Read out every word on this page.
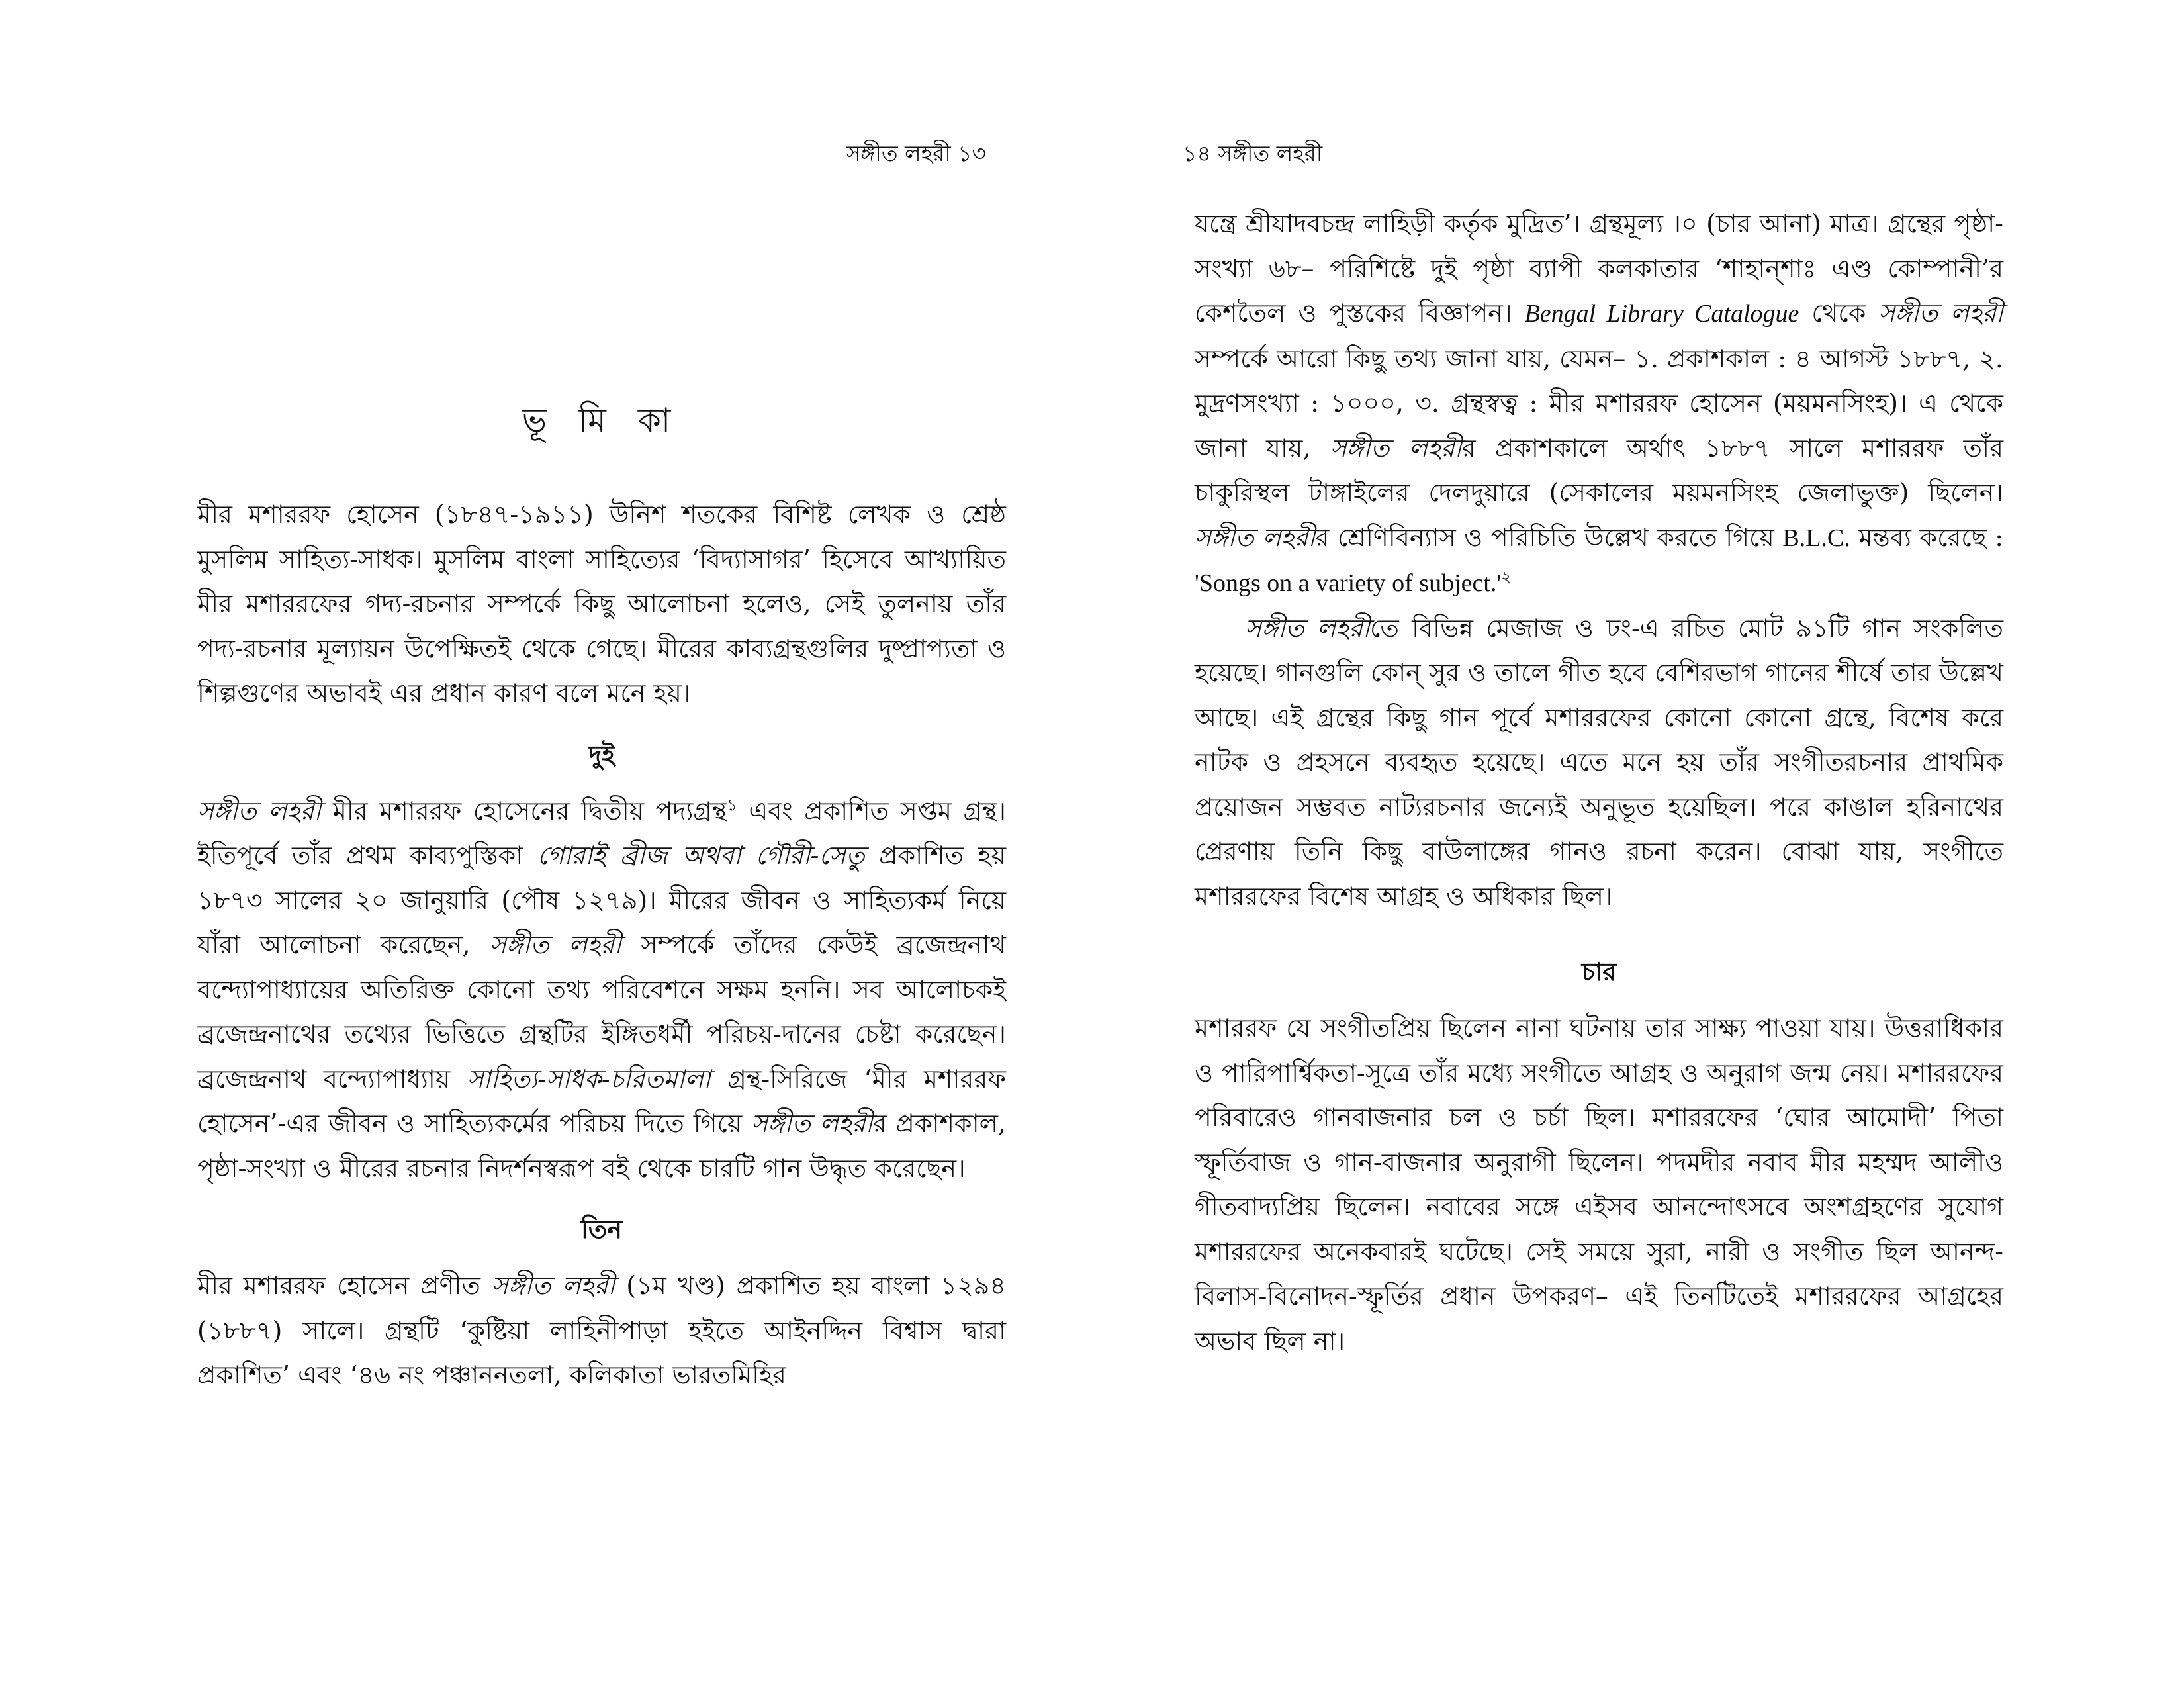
সঙ্গীত লহরী ১৩
ভূ মি কা

মীর মশাররফ হোসেন (১৮৪৭-১৯১১) উনিশ শতকের বিশিষ্ট লেখক ও শ্রেষ্ঠ মুসলিম সাহিত্য-সাধক। মুসলিম বাংলা সাহিত্যের ‘বিদ্যাসাগর’ হিসেবে আখ্যায়িত মীর মশাররফের গদ্য-রচনার সম্পর্কে কিছু আলোচনা হলেও, সেই তুলনায় তাঁর পদ্য-রচনার মূল্যায়ন উপেক্ষিতই থেকে গেছে। মীরের কাব্যগ্রন্থগুলির দুষ্প্রাপ্যতা ও শিল্পগুণের অভাবই এর প্রধান কারণ বলে মনে হয়।

দুই

সঙ্গীত লহরী মীর মশাররফ হোসেনের দ্বিতীয় পদ্যগ্রন্থ$^১$ এবং প্রকাশিত সপ্তম গ্রন্থ। ইতিপূর্বে তাঁর প্রথম কাব্যপুস্তিকা গোরাই ব্রীজ অথবা গৌরী-সেতু প্রকাশিত হয় ১৮৭৩ সালের ২০ জানুয়ারি (পৌষ ১২৭৯)। মীরের জীবন ও সাহিত্যকর্ম নিয়ে যাঁরা আলোচনা করেছেন, সঙ্গীত লহরী সম্পর্কে তাঁদের কেউই ব্রজেন্দ্রনাথ বন্দ্যোপাধ্যায়ের অতিরিক্ত কোনো তথ্য পরিবেশনে সক্ষম হননি। সব আলোচকই ব্রজেন্দ্রনাথের তথ্যের ভিত্তিতে গ্রন্থটির ইঙ্গিতধর্মী পরিচয়-দানের চেষ্টা করেছেন। ব্রজেন্দ্রনাথ বন্দ্যোপাধ্যায় সাহিত্য-সাধক-চরিতমালা গ্রন্থ-সিরিজে ‘মীর মশাররফ হোসেন’-এর জীবন ও সাহিত্যকর্মের পরিচয় দিতে গিয়ে সঙ্গীত লহরীর প্রকাশকাল, পৃষ্ঠা-সংখ্যা ও মীরের রচনার নিদর্শনস্বরূপ বই থেকে চারটি গান উদ্ধৃত করেছেন।

তিন

মীর মশাররফ হোসেন প্রণীত সঙ্গীত লহরী (১ম খণ্ড) প্রকাশিত হয় বাংলা ১২৯৪ (১৮৮৭) সালে। গ্রন্থটি ‘কুষ্টিয়া লাহিনীপাড়া হইতে আইনদ্দিন বিশ্বাস দ্বারা প্রকাশিত’ এবং ‘৪৬ নং পঞ্চাননতলা, কলিকাতা ভারতমিহির

১৪ সঙ্গীত লহরী

যন্ত্রে শ্রীযাদবচন্দ্র লাহিড়ী কর্তৃক মুদ্রিত’। গ্রন্থমূল্য ।০ (চার আনা) মাত্র। গ্রন্থের পৃষ্ঠা-সংখ্যা ৬৮– পরিশিষ্টে দুই পৃষ্ঠা ব্যাপী কলকাতার ‘শাহান্‌শাঃ এণ্ড কোম্পানী’র কেশতৈল ও পুস্তকের বিজ্ঞাপন। Bengal Library Catalogue থেকে সঙ্গীত লহরী সম্পর্কে আরো কিছু তথ্য জানা যায়, যেমন– ১. প্রকাশকাল : ৪ আগস্ট ১৮৮৭, ২. মুদ্রণসংখ্যা : ১০০০, ৩. গ্রন্থস্বত্ব : মীর মশাররফ হোসেন (ময়মনসিংহ)। এ থেকে জানা যায়, সঙ্গীত লহরীর প্রকাশকালে অর্থাৎ ১৮৮৭ সালে মশাররফ তাঁর চাকুরিস্থল টাঙ্গাইলের দেলদুয়ারে (সেকালের ময়মনসিংহ জেলাভুক্ত) ছিলেন। সঙ্গীত লহরীর শ্রেণিবিন্যাস ও পরিচিতি উল্লেখ করতে গিয়ে B.L.C. মন্তব্য করেছে : 'Songs on a variety of $subject.'^২$

সঙ্গীত লহরীতে বিভিন্ন মেজাজ ও ঢং-এ রচিত মোট ৯১টি গান সংকলিত হয়েছে। গানগুলি কোন্ সুর ও তালে গীত হবে বেশিরভাগ গানের শীর্ষে তার উল্লেখ আছে। এই গ্রন্থের কিছু গান পূর্বে মশাররফের কোনো কোনো গ্রন্থে, বিশেষ করে নাটক ও প্রহসনে ব্যবহৃত হয়েছে। এতে মনে হয় তাঁর সংগীতরচনার প্রাথমিক প্রয়োজন সম্ভবত নাট্যরচনার জন্যেই অনুভূত হয়েছিল। পরে কাঙাল হরিনাথের প্রেরণায় তিনি কিছু বাউলাঙ্গের গানও রচনা করেন। বোঝা যায়, সংগীতে মশাররফের বিশেষ আগ্রহ ও অধিকার ছিল।

চার

মশাররফ যে সংগীতপ্রিয় ছিলেন নানা ঘটনায় তার সাক্ষ্য পাওয়া যায়। উত্তরাধিকার ও পারিপার্শ্বিকতা-সূত্রে তাঁর মধ্যে সংগীতে আগ্রহ ও অনুরাগ জন্ম নেয়। মশাররফের পরিবারেও গানবাজনার চল ও চর্চা ছিল। মশাররফের ‘ঘোর আমোদী’ পিতা স্ফূর্তিবাজ ও গান-বাজনার অনুরাগী ছিলেন। পদমদীর নবাব মীর মহম্মদ আলীও গীতবাদ্যপ্রিয় ছিলেন। নবাবের সঙ্গে এইসব আনন্দোৎসবে অংশগ্রহণের সুযোগ মশাররফের অনেকবারই ঘটেছে। সেই সময়ে সুরা, নারী ও সংগীত ছিল আনন্দ-বিলাস-বিনোদন-স্ফূর্তির প্রধান উপকরণ– এই তিনটিতেই মশাররফের আগ্রহের অভাব ছিল না।
